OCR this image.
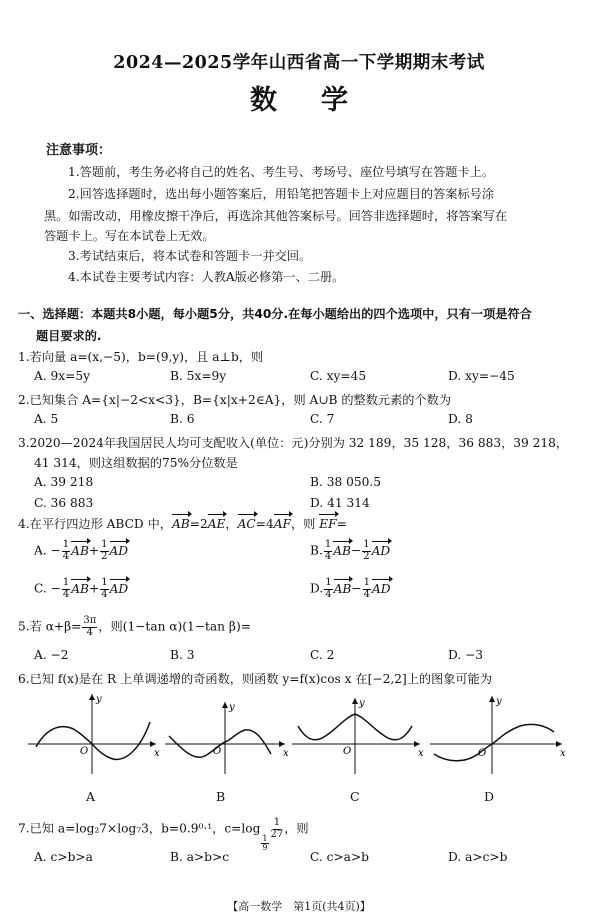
2024—2025学年山西省高一下学期期末考试
数学
注意事项：
1.答题前，考生务必将自己的姓名、考生号、考场号、座位号填写在答题卡上。
2.回答选择题时，选出每小题答案后，用铅笔把答题卡上对应题目的答案标号涂
黑。如需改动，用橡皮擦干净后，再选涂其他答案标号。回答非选择题时，将答案写在
答题卡上。写在本试卷上无效。
3.考试结束后，将本试卷和答题卡一并交回。
4.本试卷主要考试内容：人教A版必修第一、二册。
一、选择题：本题共8小题，每小题5分，共40分.在每小题给出的四个选项中，只有一项是符合
题目要求的.
1.若向量 a=(x,−5)，b=(9,y)，且 a⊥b，则
A. 9x=5y	B. 5x=9y	C. xy=45	D. xy=−45
2.已知集合 A={x|−2<x<3}，B={x|x+2∈A}，则 A∪B 的整数元素的个数为
A. 5	B. 6	C. 7	D. 8
3.2020—2024年我国居民人均可支配收入(单位：元)分别为 32 189，35 128，36 883，39 218，
41 314，则这组数据的75%分位数是
A. 39 218	B. 38 050.5
C. 36 883	D. 41 314
4.在平行四边形 ABCD 中，AB=2AE，AC=4AF，则 EF=
A. − $\frac{1}{4} AB+ \frac{1}{2}$ AD	B. $\frac{1}{4} AB- \frac{1}{2}$ AD
C. − $\frac{1}{4} AB+ \frac{1}{4}$ AD	D. $\frac{1}{4} AB- \frac{1}{4}$ AD
5.若 $\alpha+\beta= \frac{3\pi}{4}$ ，则(1−tan α)(1−tan β)=
A. −2	B. 3	C. 2	D. −3
6.已知 f(x)是在 R 上单调递增的奇函数，则函数 y=f(x)cos x 在[−2,2]上的图象可能为
O	x
y
O	x
y
O	x
y
O	x
y
A	B	C	D
7.已知 a=log₂7×log₇3，b=0.9⁰·¹，c=log
$\frac{1}{9}$
$\frac{1}{27}$ ，则
A. c>b>a	B. a>b>c	C. c>a>b	D. a>c>b
【高一数学　第1页(共4页)】
